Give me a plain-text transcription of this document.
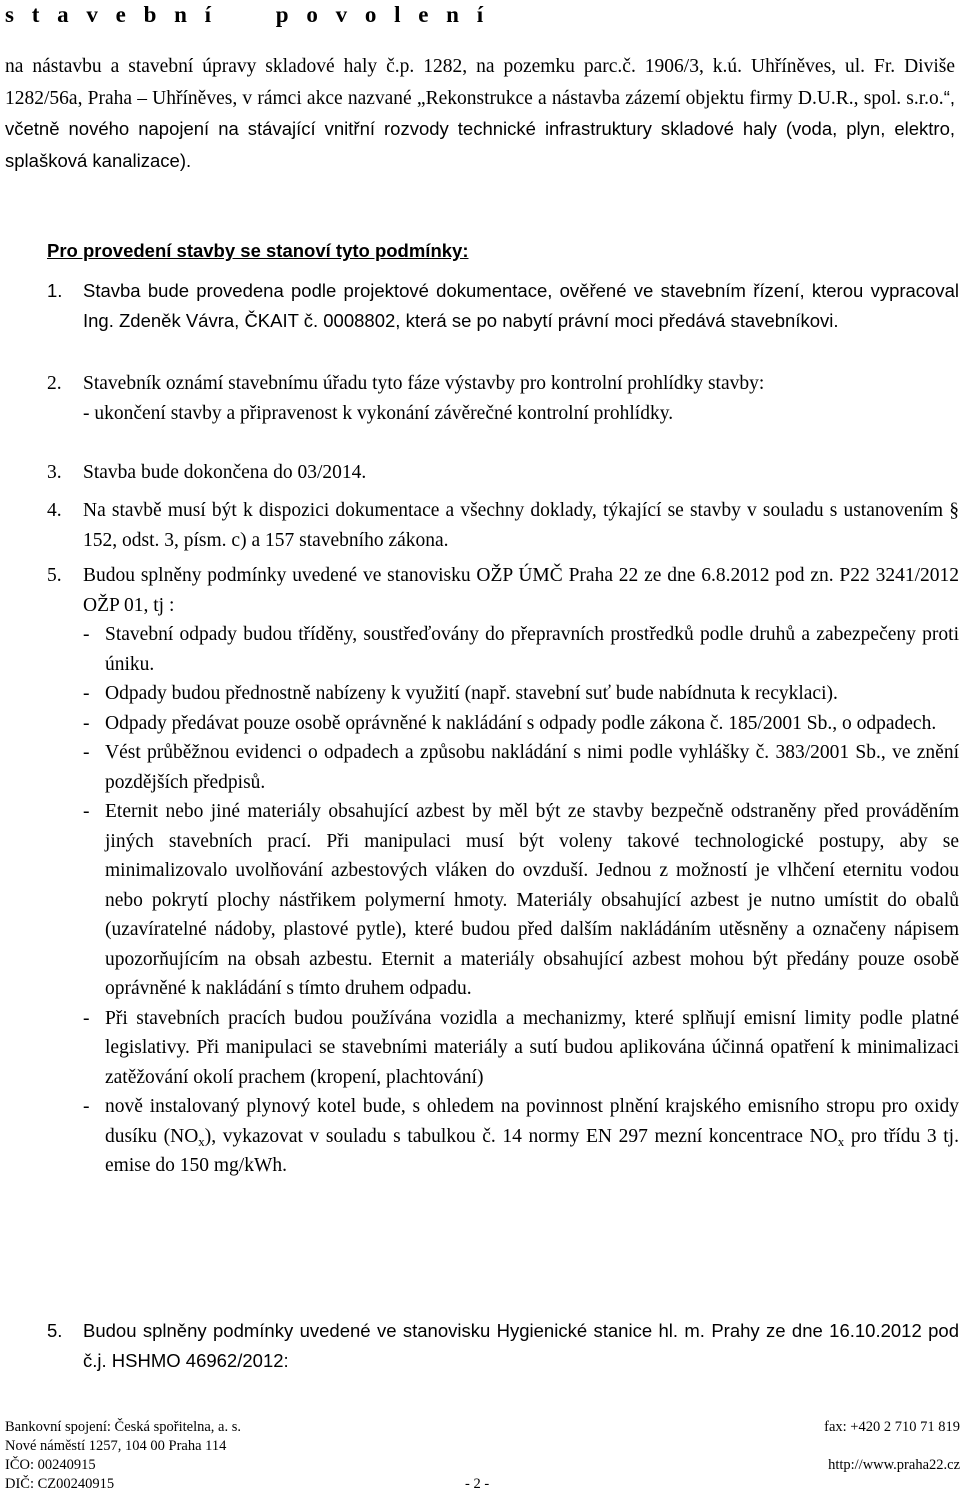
s t a v e b n í     p o v o l e n í
na nástavbu a stavební úpravy skladové haly č.p. 1282, na pozemku parc.č. 1906/3, k.ú. Uhříněves, ul. Fr. Diviše 1282/56a, Praha – Uhříněves, v rámci akce nazvané „Rekonstrukce a nástavba zázemí objektu firmy D.U.R., spol. s.r.o.“, včetně nového napojení na stávající vnitřní rozvody technické infrastruktury skladové haly (voda, plyn, elektro, splašková kanalizace).
Pro provedení stavby se stanoví tyto podmínky:
1. Stavba bude provedena podle projektové dokumentace, ověřené ve stavebním řízení, kterou vypracoval Ing. Zdeněk Vávra, ČKAIT č. 0008802, která se po nabytí právní moci předává stavebníkovi.
2. Stavebník oznámí stavebnímu úřadu tyto fáze výstavby pro kontrolní prohlídky stavby:
- ukončení stavby a připravenost k vykonání závěrečné kontrolní prohlídky.
3. Stavba bude dokončena do 03/2014.
4. Na stavbě musí být k dispozici dokumentace a všechny doklady, týkající se stavby v souladu s ustanovením § 152, odst. 3, písm. c) a 157 stavebního zákona.
5. Budou splněny podmínky uvedené ve stanovisku OŽP ÚMČ Praha 22 ze dne 6.8.2012 pod zn. P22 3241/2012 OŽP 01, tj :
- Stavební odpady budou tříděny, soustřeďovány do přepravních prostředků podle druhů a zabezpečeny proti úniku.
- Odpady budou přednostně nabízeny k využití (např. stavební suť bude nabídnuta k recyklaci).
- Odpady předávat pouze osobě oprávněné k nakládání s odpady podle zákona č. 185/2001 Sb., o odpadech.
- Vést průběžnou evidenci o odpadech a způsobu nakládání s nimi podle vyhlášky č. 383/2001 Sb., ve znění pozdějších předpisů.
- Eternit nebo jiné materiály obsahující azbest by měl být ze stavby bezpečně odstraněny před prováděním jiných stavebních prací. Při manipulaci musí být voleny takové technologické postupy, aby se minimalizovalo uvolňování azbestových vláken do ovzduší. Jednou z možností je vlhčení eternitu vodou nebo pokrytí plochy nástřikem polymerní hmoty. Materiály obsahující azbest je nutno umístit do obalů (uzavíratelné nádoby, plastové pytle), které budou před dalším nakládáním utěsněny a označeny nápisem upozorňujícím na obsah azbestu. Eternit a materiály obsahující azbest mohou být předány pouze osobě oprávněné k nakládání s tímto druhem odpadu.
- Při stavebních pracích budou používána vozidla a mechanizmy, které splňují emisní limity podle platné legislativy. Při manipulaci se stavebními materiály a sutí budou aplikována účinná opatření k minimalizaci zatěžování okolí prachem (kropení, plachtování)
- nově instalovaný plynový kotel bude, s ohledem na povinnost plnění krajského emisního stropu pro oxidy dusíku $(NO_x)$, vykazovat v souladu s tabulkou č. 14 normy EN 297 mezní koncentrace $NO_x$ pro třídu 3 tj. emise do 150 mg/kWh.
5. Budou splněny podmínky uvedené ve stanovisku Hygienické stanice hl. m. Prahy ze dne 16.10.2012 pod č.j. HSHMO 46962/2012:
Bankovní spojení: Česká spořitelna, a. s.	fax: +420 2 710 71 819
Nové náměstí 1257, 104 00 Praha 114
IČO: 00240915	http://www.praha22.cz
DIČ: CZ00240915	- 2 -
